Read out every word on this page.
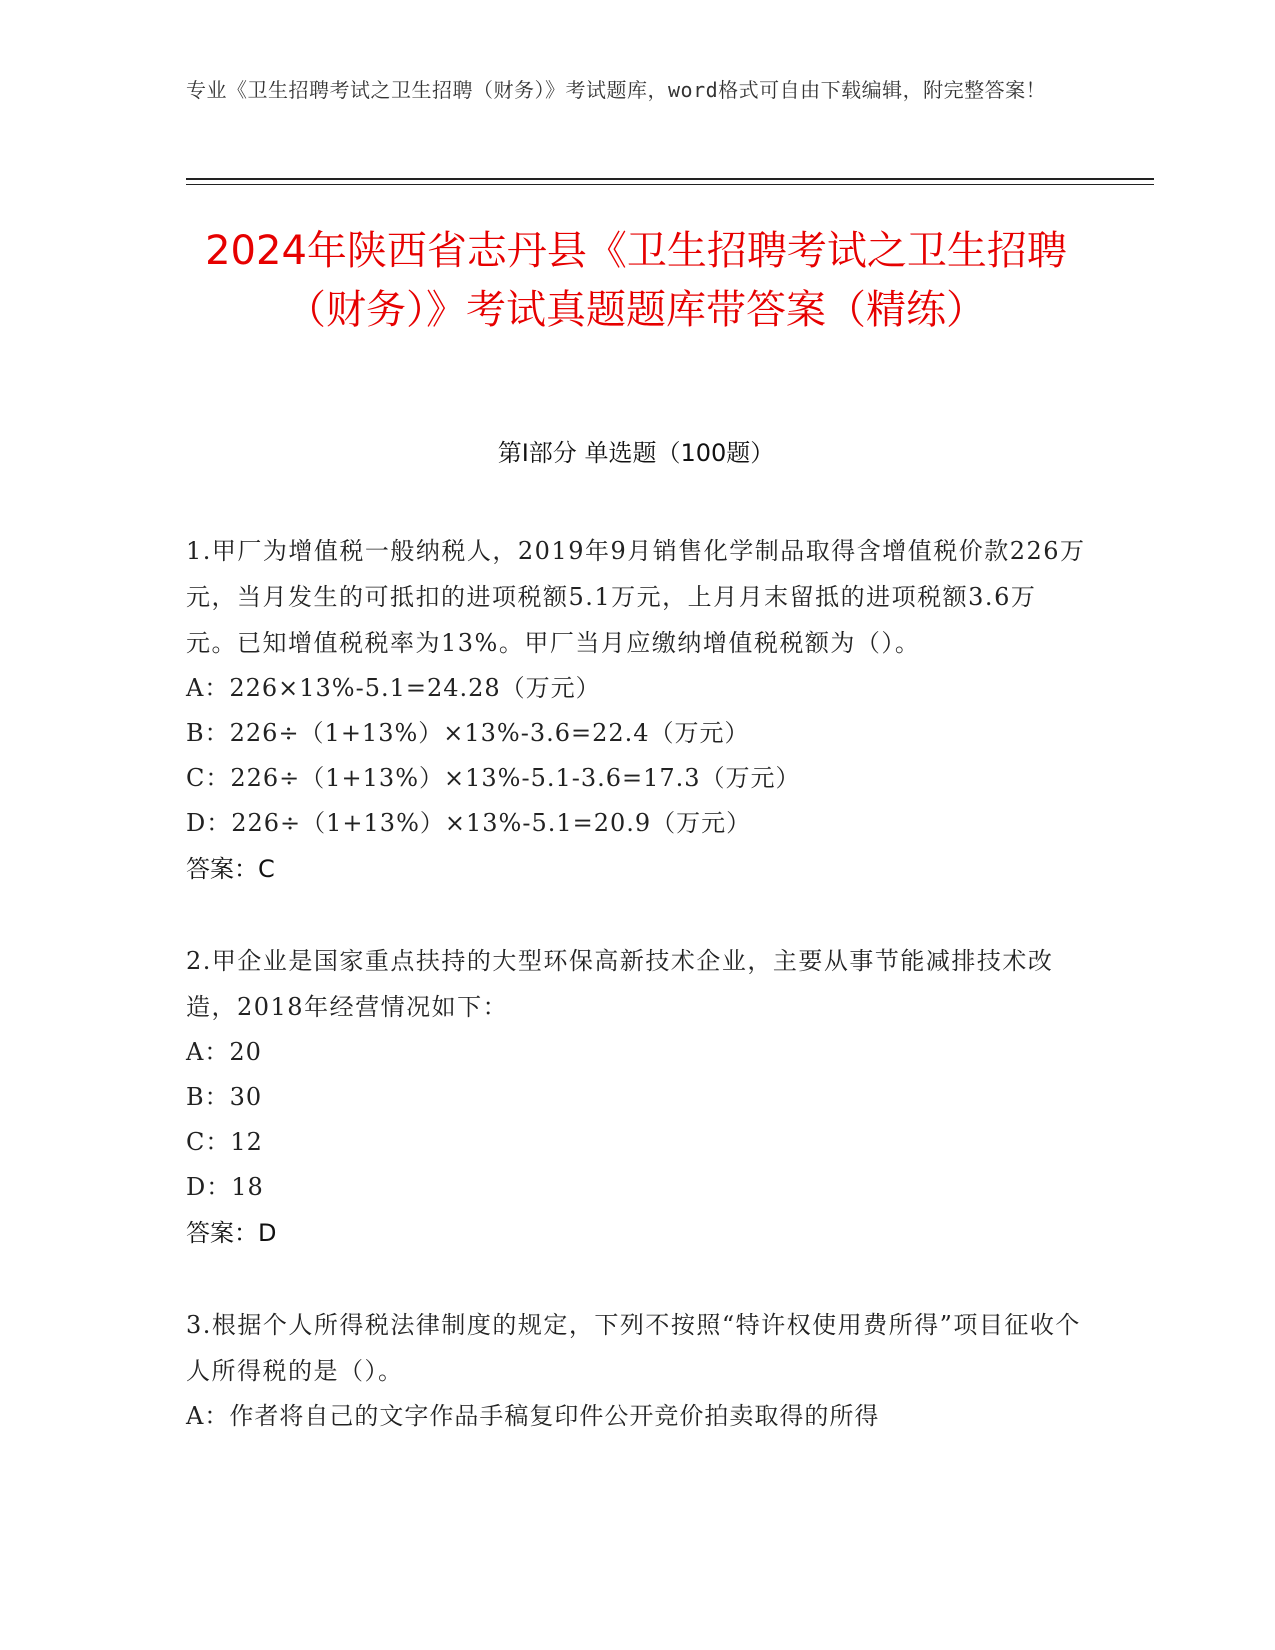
专业《卫生招聘考试之卫生招聘（财务）》考试题库，word格式可自由下载编辑，附完整答案！
2024年陕西省志丹县《卫生招聘考试之卫生招聘（财务）》考试真题题库带答案（精练）
第I部分 单选题（100题）
1.甲厂为增值税一般纳税人，2019年9月销售化学制品取得含增值税价款226万元，当月发生的可抵扣的进项税额5.1万元，上月月末留抵的进项税额3.6万元。已知增值税税率为13%。甲厂当月应缴纳增值税税额为（）。
A：226×13%-5.1=24.28（万元）
B：226÷（1+13%）×13%-3.6=22.4（万元）
C：226÷（1+13%）×13%-5.1-3.6=17.3（万元）
D：226÷（1+13%）×13%-5.1=20.9（万元）
答案：C
2.甲企业是国家重点扶持的大型环保高新技术企业，主要从事节能减排技术改造，2018年经营情况如下：
A：20
B：30
C：12
D：18
答案：D
3.根据个人所得税法律制度的规定，下列不按照“特许权使用费所得”项目征收个人所得税的是（）。
A：作者将自己的文字作品手稿复印件公开竞价拍卖取得的所得
